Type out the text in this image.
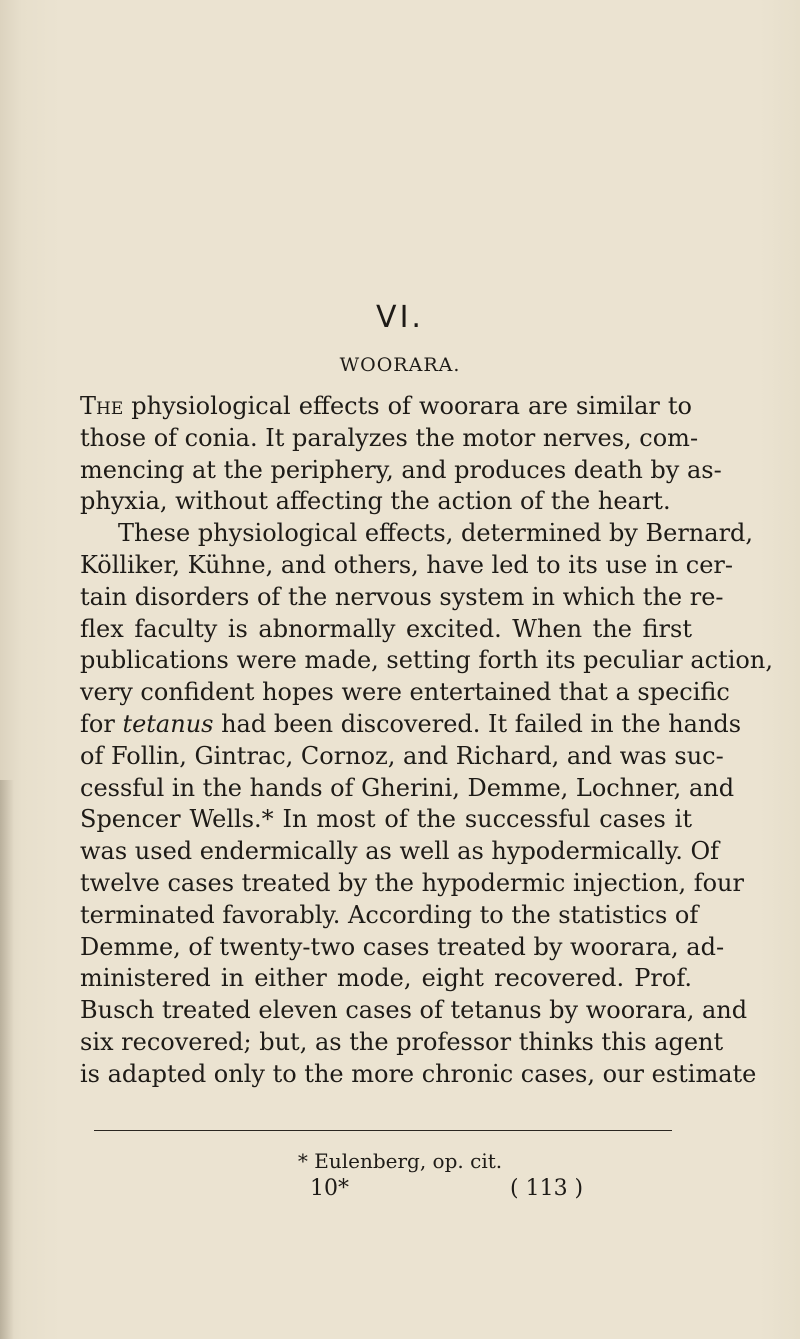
VI.
WOORARA.
The physiological effects of woorara are similar to
those of conia. It paralyzes the motor nerves, com-
mencing at the periphery, and produces death by as-
phyxia, without affecting the action of the heart.
These physiological effects, determined by Bernard,
Kölliker, Kühne, and others, have led to its use in cer-
tain disorders of the nervous system in which the re-
flex faculty is abnormally excited. When the first
publications were made, setting forth its peculiar action,
very confident hopes were entertained that a specific
for tetanus had been discovered. It failed in the hands
of Follin, Gintrac, Cornoz, and Richard, and was suc-
cessful in the hands of Gherini, Demme, Lochner, and
Spencer Wells.* In most of the successful cases it
was used endermically as well as hypodermically. Of
twelve cases treated by the hypodermic injection, four
terminated favorably. According to the statistics of
Demme, of twenty-two cases treated by woorara, ad-
ministered in either mode, eight recovered. Prof.
Busch treated eleven cases of tetanus by woorara, and
six recovered; but, as the professor thinks this agent
is adapted only to the more chronic cases, our estimate
* Eulenberg, op. cit.
10*	( 113 )
